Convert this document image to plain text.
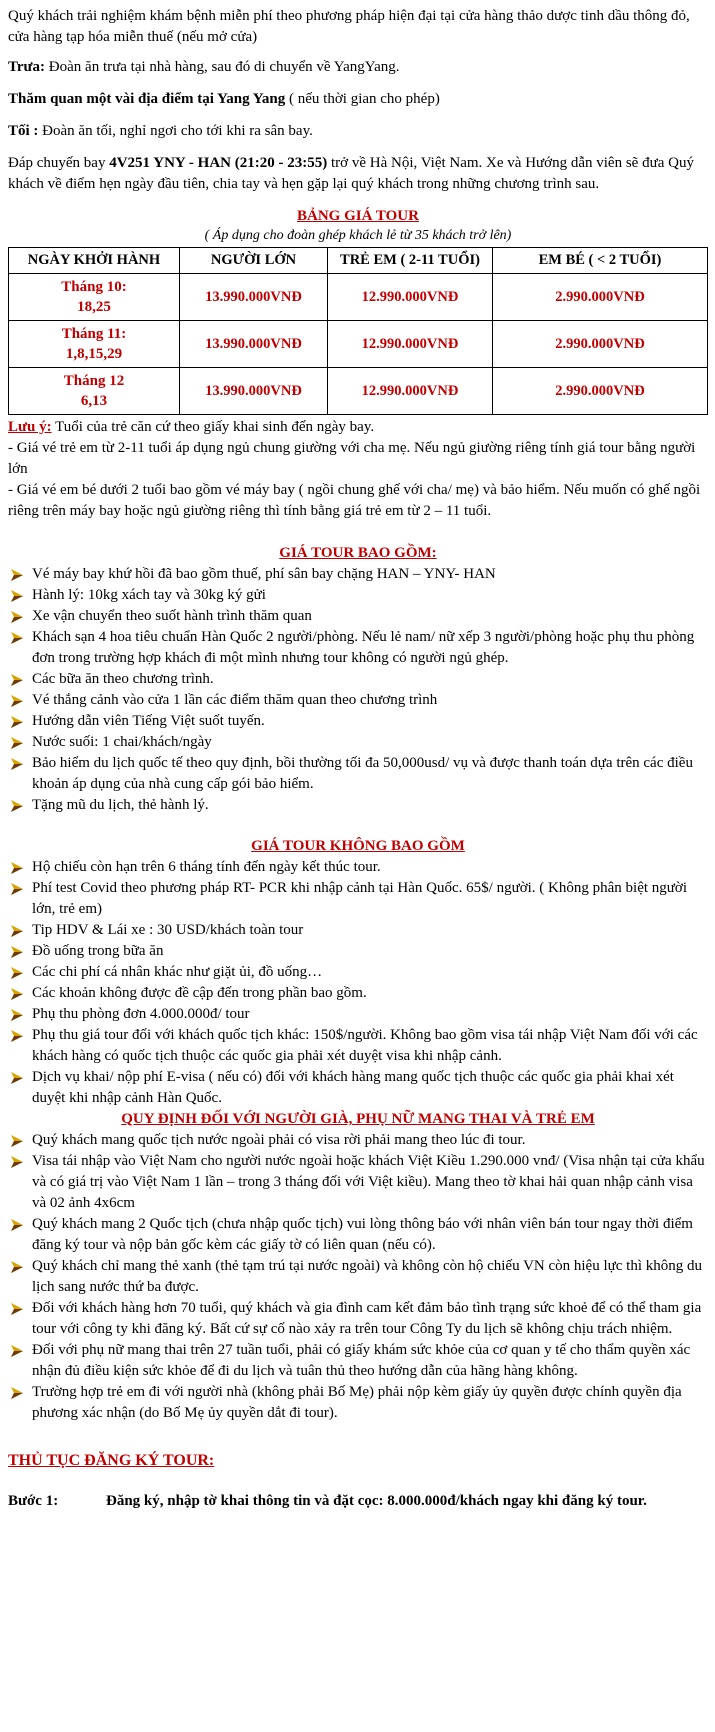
Quý khách trải nghiệm khám bệnh miễn phí theo phương pháp hiện đại tại cửa hàng thảo dược tinh dầu thông đỏ, cửa hàng tạp hóa miễn thuế (nếu mở cửa)

Trưa: Đoàn ăn trưa tại nhà hàng, sau đó di chuyển về YangYang.

Thăm quan một vài địa điểm tại Yang Yang ( nếu thời gian cho phép)

Tối : Đoàn ăn tối, nghỉ ngơi cho tới khi ra sân bay.

Đáp chuyến bay 4V251 YNY - HAN (21:20 - 23:55) trở về Hà Nội, Việt Nam. Xe và Hướng dẫn viên sẽ đưa Quý khách về điểm hẹn ngày đầu tiên, chia tay và hẹn gặp lại quý khách trong những chương trình sau.

BẢNG GIÁ TOUR
( Áp dụng cho đoàn ghép khách lẻ từ 35 khách trở lên)
NGÀY KHỞI HÀNH	NGƯỜI LỚN	TRẺ EM ( 2-11 TUỔI)	EM BÉ ( < 2 TUỔI)

Tháng 10:
18,25	13.990.000VNĐ	12.990.000VNĐ	2.990.000VNĐ

Tháng 11:
1,8,15,29	13.990.000VNĐ	12.990.000VNĐ	2.990.000VNĐ

Tháng 12
6,13	13.990.000VNĐ	12.990.000VNĐ	2.990.000VNĐ

Lưu ý: Tuổi của trẻ căn cứ theo giấy khai sinh đến ngày bay.

- Giá vé trẻ em từ 2-11 tuổi áp dụng ngủ chung giường với cha mẹ. Nếu ngủ giường riêng tính giá tour bằng người lớn

- Giá vé em bé dưới 2 tuổi bao gồm vé máy bay ( ngồi chung ghế với cha/ mẹ) và bảo hiểm. Nếu muốn có ghế ngồi riêng trên máy bay hoặc ngủ giường riêng thì tính bằng giá trẻ em từ 2 – 11 tuổi.

GIÁ TOUR BAO GỒM:
Vé máy bay khứ hồi đã bao gồm thuế, phí sân bay chặng HAN – YNY- HAN
Hành lý: 10kg xách tay và 30kg ký gửi
Xe vận chuyển theo suốt hành trình thăm quan
Khách sạn 4 hoa tiêu chuẩn Hàn Quốc 2 người/phòng. Nếu lẻ nam/ nữ xếp 3 người/phòng hoặc phụ thu phòng đơn trong trường hợp khách đi một mình nhưng tour không có người ngủ ghép.
Các bữa ăn theo chương trình.
Vé thắng cảnh vào cửa 1 lần các điểm thăm quan theo chương trình
Hướng dẫn viên Tiếng Việt suốt tuyến.
Nước suối: 1 chai/khách/ngày
Bảo hiểm du lịch quốc tế theo quy định, bồi thường tối đa 50,000usd/ vụ và được thanh toán dựa trên các điều khoản áp dụng của nhà cung cấp gói bảo hiểm.
Tặng mũ du lịch, thẻ hành lý.
GIÁ TOUR KHÔNG BAO GỒM
Hộ chiếu còn hạn trên 6 tháng tính đến ngày kết thúc tour.
Phí test Covid theo phương pháp RT- PCR khi nhập cảnh tại Hàn Quốc. 65$/ người. ( Không phân biệt người lớn, trẻ em)
Tip HDV & Lái xe : 30 USD/khách toàn tour
Đồ uống trong bữa ăn
Các chi phí cá nhân khác như giặt ủi, đồ uống…
Các khoản không được đề cập đến trong phần bao gồm.
Phụ thu phòng đơn 4.000.000đ/ tour
Phụ thu giá tour đối với khách quốc tịch khác: 150$/người. Không bao gồm visa tái nhập Việt Nam đối với các khách hàng có quốc tịch thuộc các quốc gia phải xét duyệt visa khi nhập cảnh.
Dịch vụ khai/ nộp phí E-visa ( nếu có) đối với khách hàng mang quốc tịch thuộc các quốc gia phải khai xét duyệt khi nhập cảnh Hàn Quốc.
QUY ĐỊNH ĐỐI VỚI NGƯỜI GIÀ, PHỤ NỮ MANG THAI VÀ TRẺ EM
Quý khách mang quốc tịch nước ngoài phải có visa rời phải mang theo lúc đi tour.
Visa tái nhập vào Việt Nam cho người nước ngoài hoặc khách Việt Kiều 1.290.000 vnđ/ (Visa nhận tại cửa khẩu và có giá trị vào Việt Nam 1 lần – trong 3 tháng đối với Việt kiều). Mang theo tờ khai hải quan nhập cảnh visa và 02 ảnh 4x6cm
Quý khách mang 2 Quốc tịch (chưa nhập quốc tịch) vui lòng thông báo với nhân viên bán tour ngay thời điểm đăng ký tour và nộp bản gốc kèm các giấy tờ có liên quan (nếu có).
Quý khách chỉ mang thẻ xanh (thẻ tạm trú tại nước ngoài) và không còn hộ chiếu VN còn hiệu lực thì không du lịch sang nước thứ ba được.
Đối với khách hàng hơn 70 tuổi, quý khách và gia đình cam kết đảm bảo tình trạng sức khoẻ để có thể tham gia tour với công ty khi đăng ký. Bất cứ sự cố nào xảy ra trên tour Công Ty du lịch sẽ không chịu trách nhiệm.
Đối với phụ nữ mang thai trên 27 tuần tuổi, phải có giấy khám sức khỏe của cơ quan y tế cho thẩm quyền xác nhận đủ điều kiện sức khỏe để đi du lịch và tuân thủ theo hướng dẫn của hãng hàng không.
Trường hợp trẻ em đi với người nhà (không phải Bố Mẹ) phải nộp kèm giấy ủy quyền được chính quyền địa phương xác nhận (do Bố Mẹ ủy quyền dắt đi tour).
THỦ TỤC ĐĂNG KÝ TOUR:

Bước 1:	Đăng ký, nhập tờ khai thông tin và đặt cọc: 8.000.000đ/khách ngay khi đăng ký tour.
